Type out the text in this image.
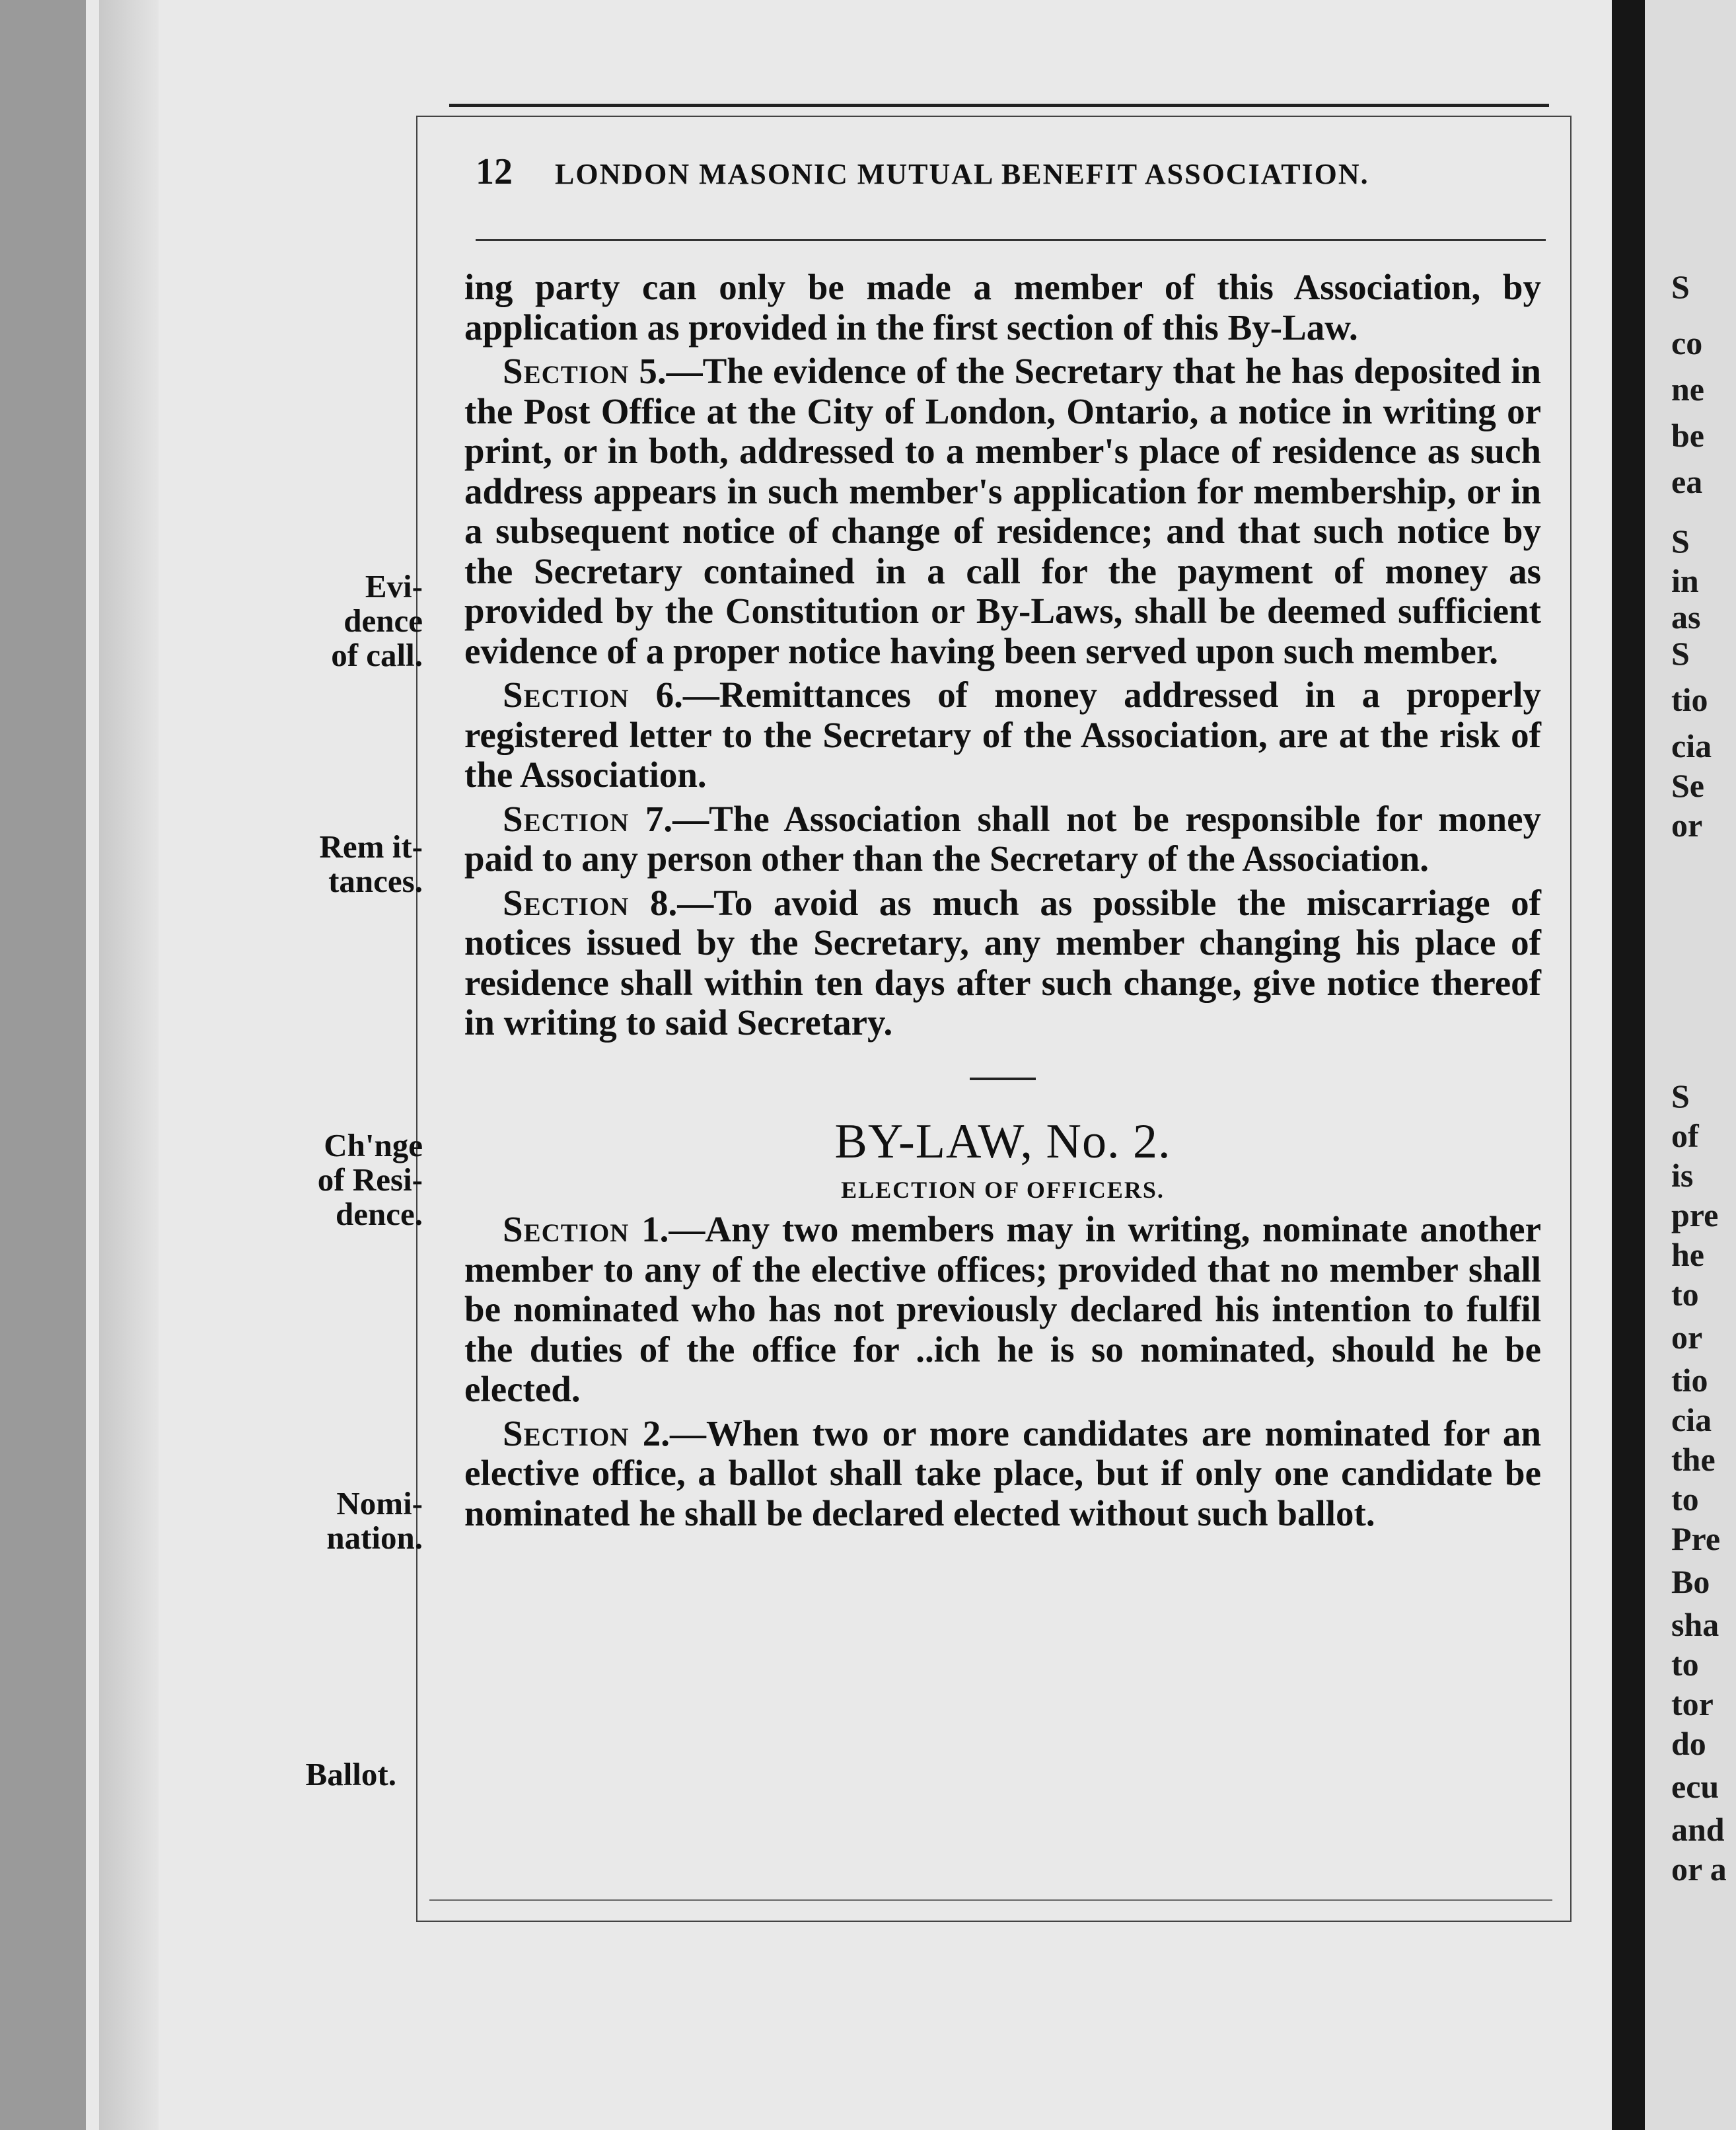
S
co
ne
be
ea
S
in
as
S
tio
cia
Se
or
S
of
is
pre
he
to
or
tio
cia
the
to
Pre
Bo
sha
to
tor
do
ecu
and
or a
12	LONDON MASONIC MUTUAL BENEFIT ASSOCIATION.

ing party can only be made a member of this Association, by application as provided in the first section of this By-Law.

Section 5.—The evidence of the Secretary that he has deposited in the Post Office at the City of London, Ontario, a notice in writing or print, or in both, addressed to a member's place of residence as such address appears in such member's application for membership, or in a subsequent notice of change of residence; and that such notice by the Secretary contained in a call for the payment of money as provided by the Constitution or By-Laws, shall be deemed sufficient evidence of a proper notice having been served upon such member.

Section 6.—Remittances of money addressed in a properly registered letter to the Secretary of the Association, are at the risk of the Association.

Section 7.—The Association shall not be responsible for money paid to any person other than the Secretary of the Association.

Section 8.—To avoid as much as possible the miscarriage of notices issued by the Secretary, any member changing his place of residence shall within ten days after such change, give notice thereof in writing to said Secretary.

BY-LAW, No. 2.

ELECTION OF OFFICERS.

Section 1.—Any two members may in writing, nominate another member to any of the elective offices; provided that no member shall be nominated who has not previously declared his intention to fulfil the duties of the office for ..ich he is so nominated, should he be elected.

Section 2.—When two or more candidates are nominated for an elective office, a ballot shall take place, but if only one candidate be nominated he shall be declared elected without such ballot.

Evi-
dence
of call.
Rem it-
tances.
Ch'nge
of Resi-
dence.
Nomi-
nation.
Ballot.
